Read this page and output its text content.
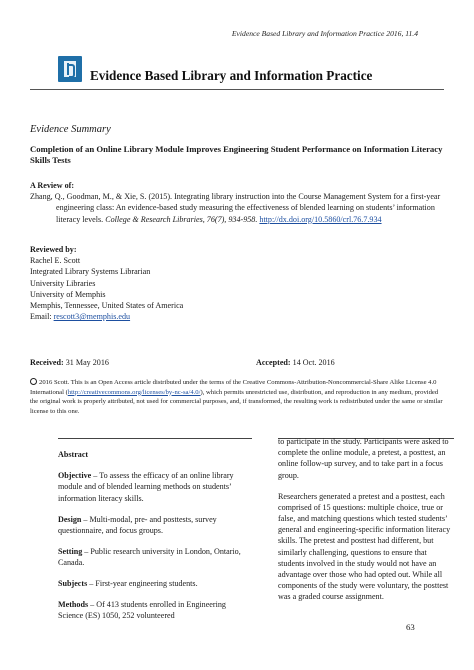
Evidence Based Library and Information Practice 2016, 11.4
Evidence Based Library and Information Practice
Evidence Summary
Completion of an Online Library Module Improves Engineering Student Performance on Information Literacy Skills Tests
A Review of:
Zhang, Q., Goodman, M., & Xie, S. (2015). Integrating library instruction into the Course Management System for a first-year engineering class: An evidence-based study measuring the effectiveness of blended learning on students’ information literacy levels. College & Research Libraries, 76(7), 934-958. http://dx.doi.org/10.5860/crl.76.7.934
Reviewed by:
Rachel E. Scott
Integrated Library Systems Librarian
University Libraries
University of Memphis
Memphis, Tennessee, United States of America
Email: rescott3@memphis.edu
Received: 31 May 2016	Accepted: 14 Oct. 2016
2016 Scott. This is an Open Access article distributed under the terms of the Creative Commons-Attribution-Noncommercial-Share Alike License 4.0 International (http://creativecommons.org/licenses/by-nc-sa/4.0/), which permits unrestricted use, distribution, and reproduction in any medium, provided the original work is properly attributed, not used for commercial purposes, and, if transformed, the resulting work is redistributed under the same or similar license to this one.
Abstract
Objective – To assess the efficacy of an online library module and of blended learning methods on students’ information literacy skills.
Design – Multi-modal, pre- and posttests, survey questionnaire, and focus groups.
Setting – Public research university in London, Ontario, Canada.
Subjects – First-year engineering students.
Methods – Of 413 students enrolled in Engineering Science (ES) 1050, 252 volunteered
to participate in the study. Participants were asked to complete the online module, a pretest, a posttest, an online follow-up survey, and to take part in a focus group.
Researchers generated a pretest and a posttest, each comprised of 15 questions: multiple choice, true or false, and matching questions which tested students’ general and engineering-specific information literacy skills. The pretest and posttest had different, but similarly challenging, questions to ensure that students involved in the study would not have an advantage over those who had opted out. While all components of the study were voluntary, the posttest was a graded course assignment.
63
